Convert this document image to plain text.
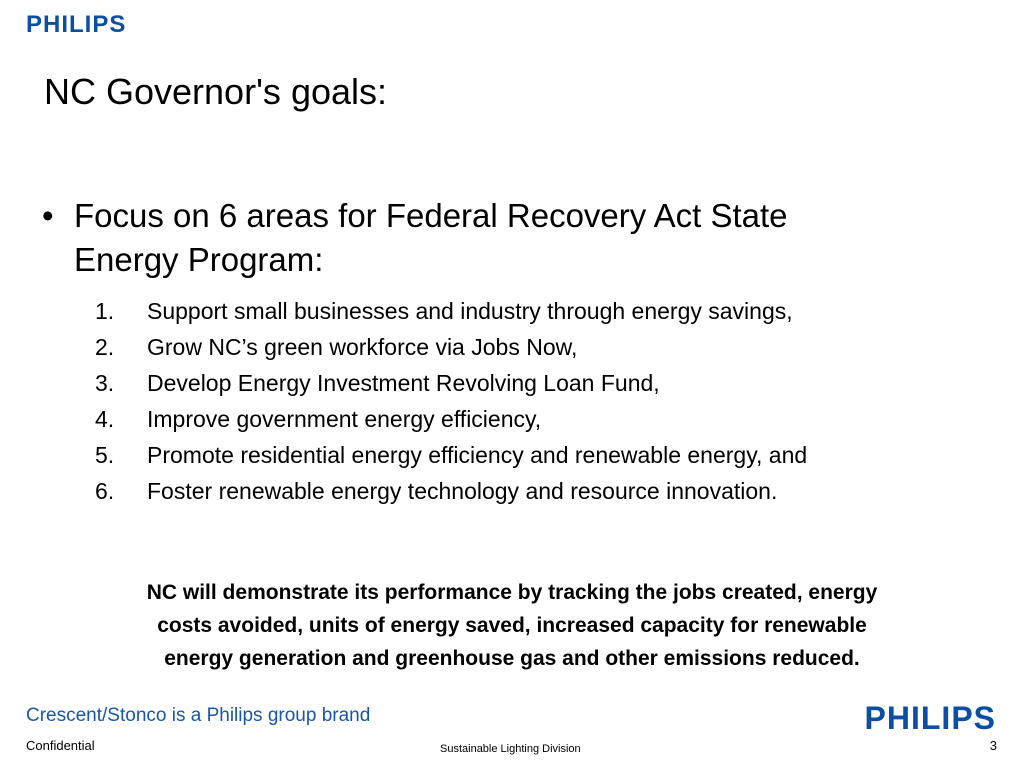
PHILIPS
NC Governor's goals:
• Focus on 6 areas for Federal Recovery Act State
Energy Program:
1. Support small businesses and industry through energy savings,
2. Grow NC’s green workforce via Jobs Now,
3. Develop Energy Investment Revolving Loan Fund,
4. Improve government energy efficiency,
5. Promote residential energy efficiency and renewable energy, and
6. Foster renewable energy technology and resource innovation.
NC will demonstrate its performance by tracking the jobs created, energy
costs avoided, units of energy saved, increased capacity for renewable
energy generation and greenhouse gas and other emissions reduced.
Crescent/Stonco is a Philips group brand	PHILIPS
Confidential	Sustainable Lighting Division	3
